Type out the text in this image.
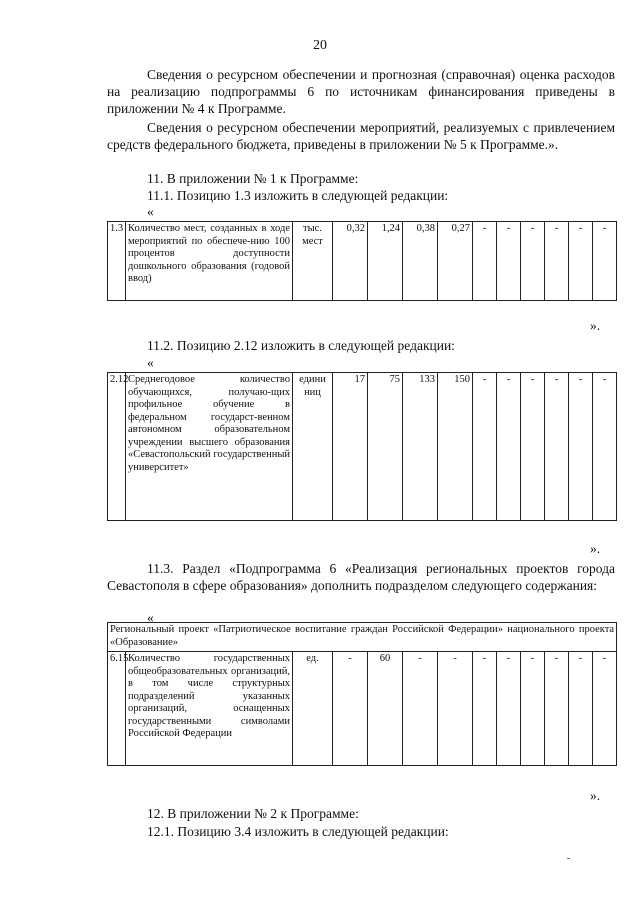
20

Сведения о ресурсном обеспечении и прогнозная (справочная) оценка расходов на реализацию подпрограммы 6 по источникам финансирования приведены в приложении № 4 к Программе.

Сведения о ресурсном обеспечении мероприятий, реализуемых с привлечением средств федерального бюджета, приведены в приложении № 5 к Программе.».

11. В приложении № 1 к Программе:

11.1. Позицию 1.3 изложить в следующей редакции:

«
1.3	Количество мест, созданных в ходе мероприятий по обеспече-нию 100 процентов доступности дошкольного образования (годовой ввод)	тыс. мест	0,32	1,24	0,38	0,27	-	-	-	-	-	-
».

11.2. Позицию 2.12 изложить в следующей редакции:

«
2.12	Среднегодовое количество обучающихся, получаю-щих профильное обучение в федеральном государст-венном автономном образовательном учреждении высшего образования «Севастопольский государственный университет»	едини ниц	17	75	133	150	-	-	-	-	-	-
».

11.3. Раздел «Подпрограмма 6 «Реализация региональных проектов города Севастополя в сфере образования» дополнить подразделом следующего содержания:

«
Региональный проект «Патриотическое воспитание граждан Российской Федерации» национального проекта «Образование»
6.15	Количество государственных общеобразовательных организаций, в том числе структурных подразделений указанных организаций, оснащенных государственными символами Российской Федерации	ед.	-	60	-	-	-	-	-	-	-	-
».

12. В приложении № 2 к Программе:

12.1. Позицию 3.4 изложить в следующей редакции:
